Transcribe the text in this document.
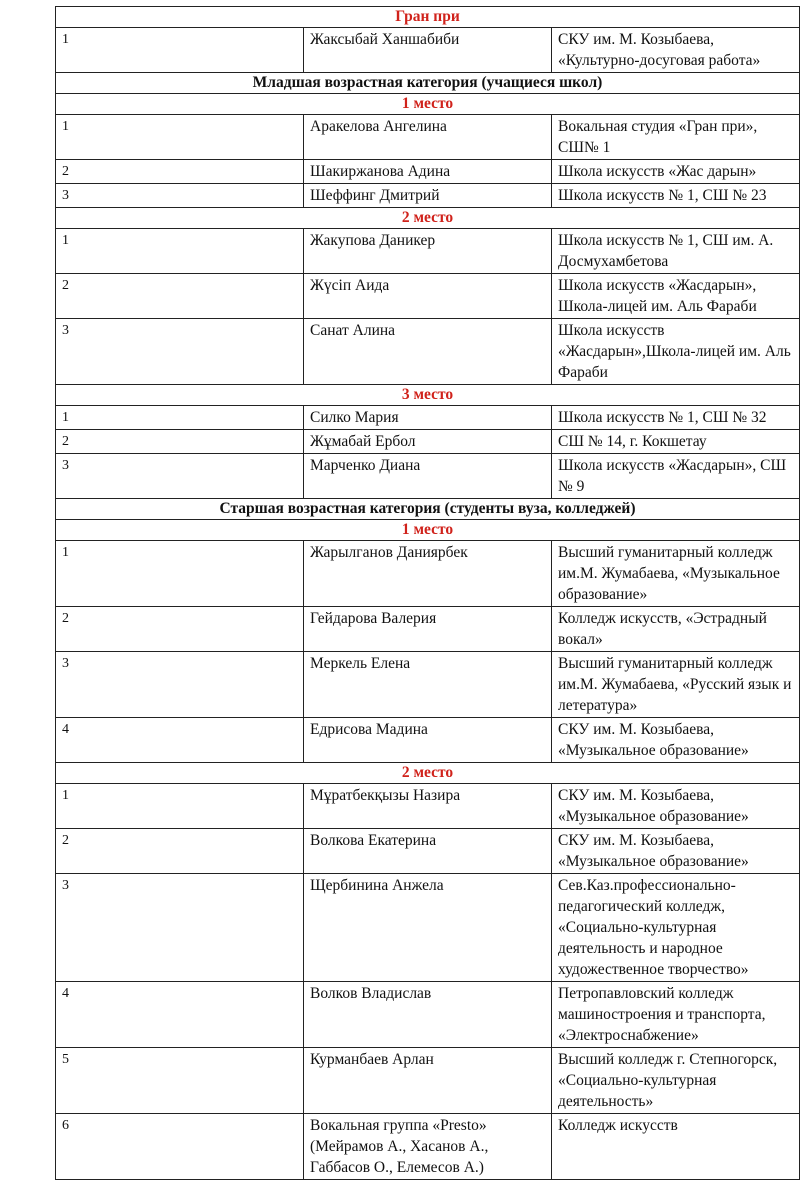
Гран при		
1	Жаксыбай Ханшабиби	СКУ им. М. Козыбаева, «Культурно-досуговая работа»
Младшая возрастная категория (учащиеся школ)		
1 место		
1	Аракелова Ангелина	Вокальная студия «Гран при», СШ№ 1
2	Шакиржанова Адина	Школа искусств «Жас дарын»
3	Шеффинг Дмитрий	Школа искусств № 1, СШ № 23
2 место		
1	Жакупова Даникер	Школа искусств № 1, СШ им. А. Досмухамбетова
2	Жүсіп Аида	Школа искусств «Жасдарын», Школа-лицей им. Аль Фараби
3	Санат Алина	Школа искусств «Жасдарын»,Школа-лицей им. Аль Фараби
3 место		
1	Силко Мария	Школа искусств № 1, СШ № 32
2	Жұмабай Ербол	СШ № 14, г. Кокшетау
3	Марченко Диана	Школа искусств «Жасдарын», СШ № 9
Старшая возрастная категория (студенты вуза, колледжей)		
1 место		
1	Жарылганов Даниярбек	Высший гуманитарный колледж им.М. Жумабаева, «Музыкальное образование»
2	Гейдарова Валерия	Колледж искусств, «Эстрадный вокал»
3	Меркель Елена	Высший гуманитарный колледж им.М. Жумабаева, «Русский язык и летература»
4	Едрисова Мадина	СКУ им. М. Козыбаева, «Музыкальное образование»
2 место		
1	Мұратбекқызы Назира	СКУ им. М. Козыбаева, «Музыкальное образование»
2	Волкова Екатерина	СКУ им. М. Козыбаева, «Музыкальное образование»
3	Щербинина Анжела	Сев.Каз.профессионально-педагогический колледж, «Социально-культурная деятельность и народное художественное творчество»
4	Волков Владислав	Петропавловский колледж машиностроения и транспорта, «Электроснабжение»
5	Курманбаев Арлан	Высший колледж г. Степногорск, «Социально-культурная деятельность»
6	Вокальная группа «Presto» (Мейрамов А., Хасанов А., Габбасов О., Елемесов А.)	Колледж искусств
